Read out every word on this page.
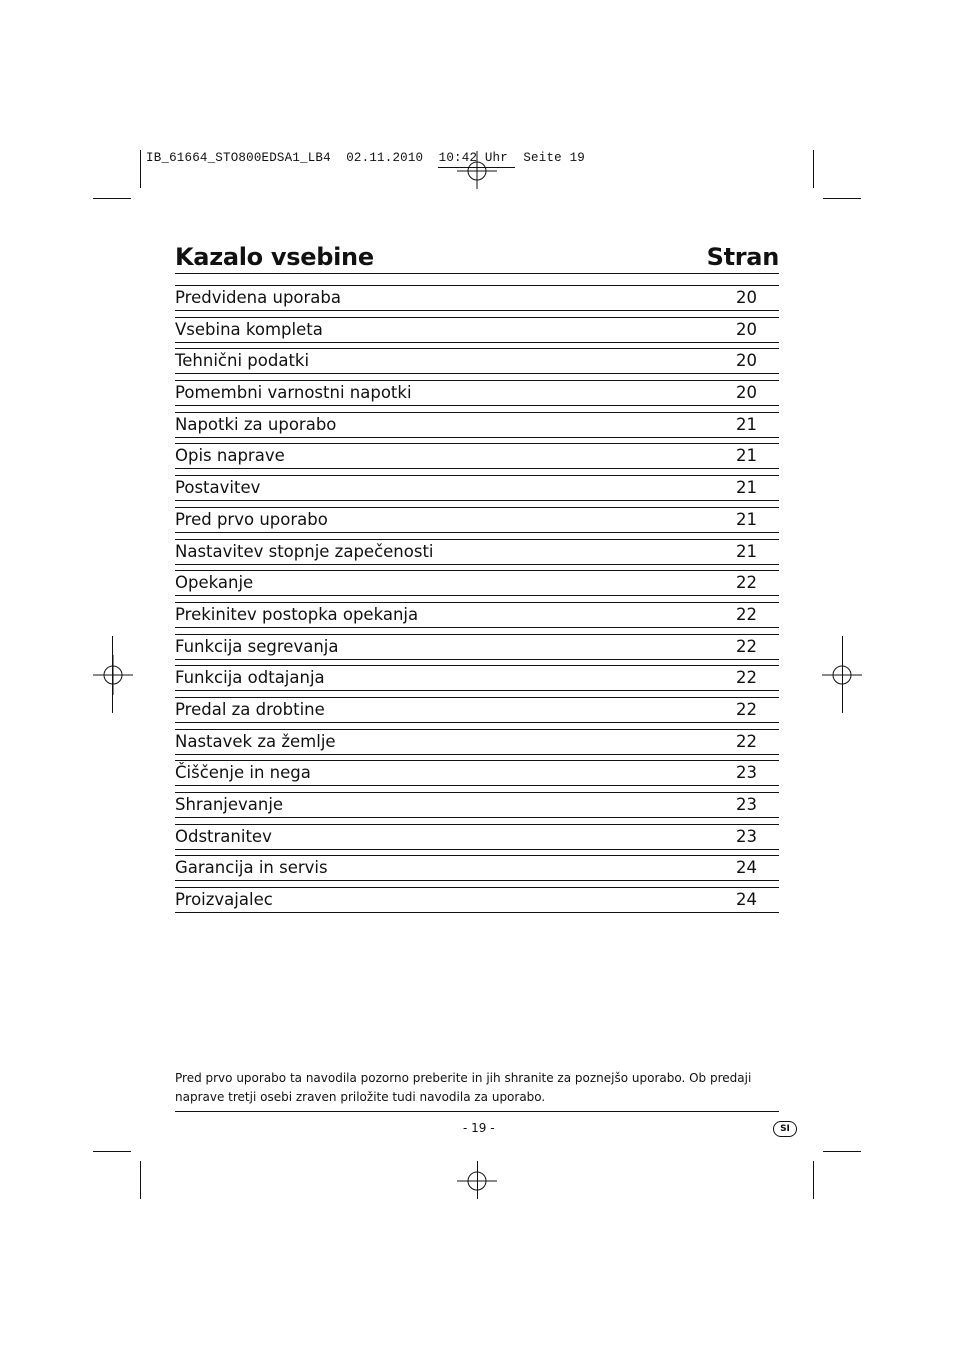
IB_61664_STO800EDSA1_LB4  02.11.2010  10:42 Uhr  Seite 19
Kazalo vsebine	Stran
Predvidena uporaba	20
Vsebina kompleta	20
Tehnični podatki	20
Pomembni varnostni napotki	20
Napotki za uporabo	21
Opis naprave	21
Postavitev	21
Pred prvo uporabo	21
Nastavitev stopnje zapečenosti	21
Opekanje	22
Prekinitev postopka opekanja	22
Funkcija segrevanja	22
Funkcija odtajanja	22
Predal za drobtine	22
Nastavek za žemlje	22
Čiščenje in nega	23
Shranjevanje	23
Odstranitev	23
Garancija in servis	24
Proizvajalec	24
Pred prvo uporabo ta navodila pozorno preberite in jih shranite za poznejšo uporabo. Ob predaji naprave tretji osebi zraven priložite tudi navodila za uporabo.
- 19 -	SI
